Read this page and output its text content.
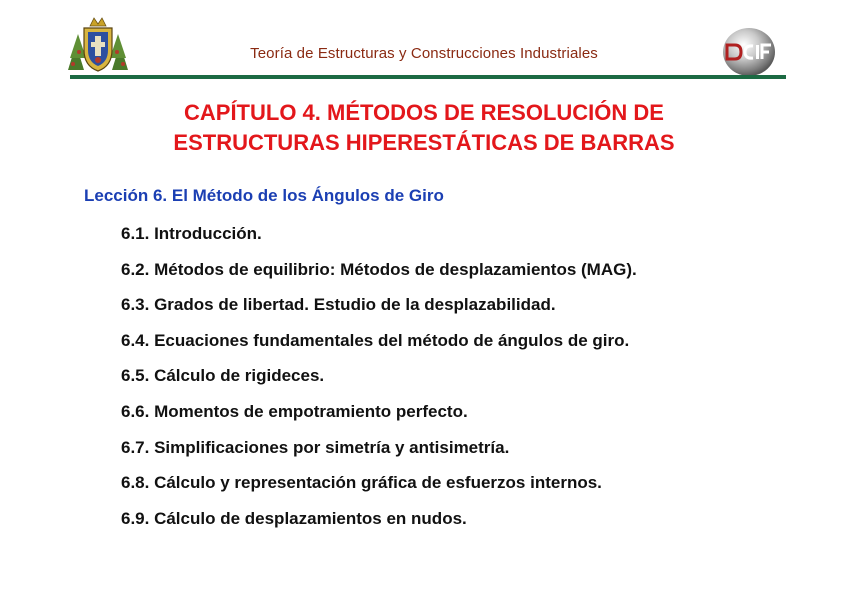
Teoría de Estructuras y Construcciones Industriales
CAPÍTULO 4. MÉTODOS DE RESOLUCIÓN DE
ESTRUCTURAS HIPERESTÁTICAS DE BARRAS
Lección 6. El Método de los Ángulos de Giro
6.1. Introducción.
6.2. Métodos de equilibrio: Métodos de desplazamientos (MAG).
6.3. Grados de libertad. Estudio de la desplazabilidad.
6.4. Ecuaciones fundamentales del método de ángulos de giro.
6.5. Cálculo de rigideces.
6.6. Momentos de empotramiento perfecto.
6.7. Simplificaciones por simetría y antisimetría.
6.8. Cálculo y representación gráfica de esfuerzos internos.
6.9. Cálculo de desplazamientos en nudos.
